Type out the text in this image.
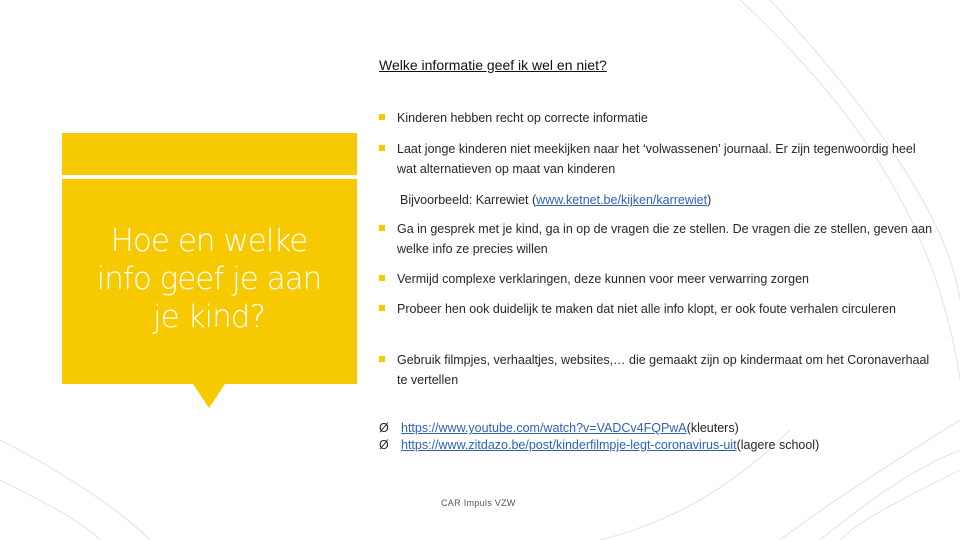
Hoe en welke info geef je aan je kind?
Welke informatie geef ik wel en niet?
Kinderen hebben recht op correcte informatie
Laat jonge kinderen niet meekijken naar het ‘volwassenen’ journaal. Er zijn tegenwoordig heel wat alternatieven op maat van kinderen
Bijvoorbeeld: Karrewiet (www.ketnet.be/kijken/karrewiet)
Ga in gesprek met je kind, ga in op de vragen die ze stellen. De vragen die ze stellen, geven aan welke info ze precies willen
Vermijd complexe verklaringen, deze kunnen voor meer verwarring zorgen
Probeer hen ook duidelijk te maken dat niet alle info klopt, er ook foute verhalen circuleren
Gebruik filmpjes, verhaaltjes, websites,… die gemaakt zijn op kindermaat om het Coronaverhaal te vertellen
Ø https://www.youtube.com/watch?v=VADCv4FQPwA (kleuters)
Ø https://www.zitdazo.be/post/kinderfilmpje-legt-coronavirus-uit (lagere school)
CAR Impuls VZW
